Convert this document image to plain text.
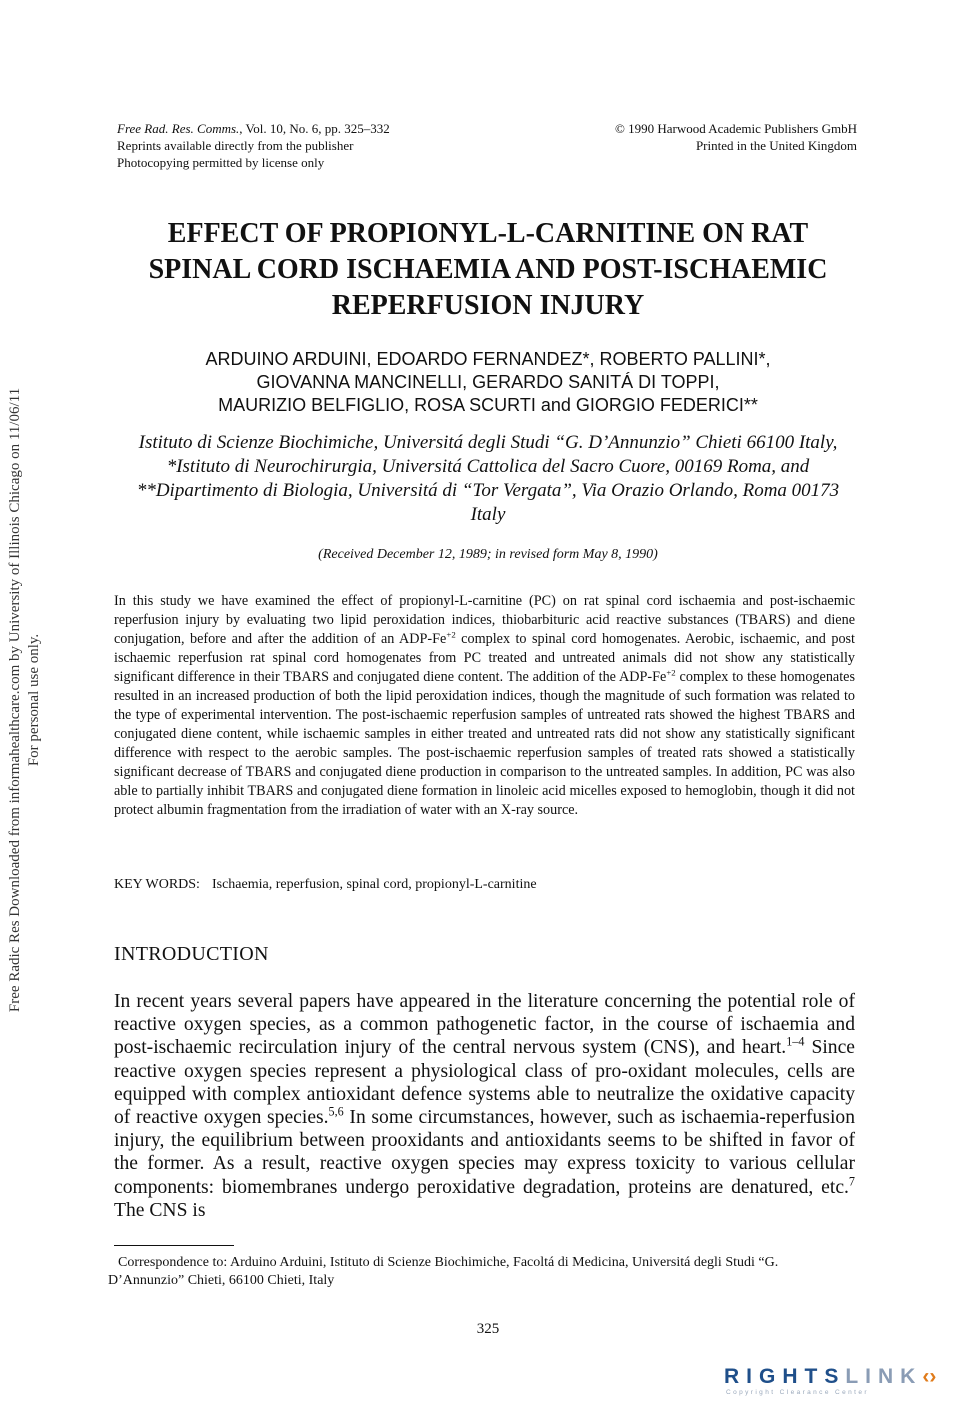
Free Radic Res Downloaded from informahealthcare.com by University of Illinois Chicago on 11/06/11 For personal use only.
Free Rad. Res. Comms., Vol. 10, No. 6, pp. 325–332
Reprints available directly from the publisher
Photocopying permitted by license only
© 1990 Harwood Academic Publishers GmbH
Printed in the United Kingdom
EFFECT OF PROPIONYL-L-CARNITINE ON RAT
SPINAL CORD ISCHAEMIA AND POST-ISCHAEMIC
REPERFUSION INJURY
ARDUINO ARDUINI, EDOARDO FERNANDEZ*, ROBERTO PALLINI*,
GIOVANNA MANCINELLI, GERARDO SANITÁ DI TOPPI,
MAURIZIO BELFIGLIO, ROSA SCURTI and GIORGIO FEDERICI**
Istituto di Scienze Biochimiche, Universitá degli Studi “G. D’Annunzio” Chieti 66100 Italy, *Istituto di Neurochirurgia, Universitá Cattolica del Sacro Cuore, 00169 Roma, and **Dipartimento di Biologia, Universitá di “Tor Vergata”, Via Orazio Orlando, Roma 00173 Italy
(Received December 12, 1989; in revised form May 8, 1990)
In this study we have examined the effect of propionyl-L-carnitine (PC) on rat spinal cord ischaemia and post-ischaemic reperfusion injury by evaluating two lipid peroxidation indices, thiobarbituric acid reactive substances (TBARS) and diene conjugation, before and after the addition of an ADP-$Fe^{+2}$ complex to spinal cord homogenates. Aerobic, ischaemic, and post ischaemic reperfusion rat spinal cord homogenates from PC treated and untreated animals did not show any statistically significant difference in their TBARS and conjugated diene content. The addition of the ADP-$Fe^{+2}$ complex to these homogenates resulted in an increased production of both the lipid peroxidation indices, though the magnitude of such formation was related to the type of experimental intervention. The post-ischaemic reperfusion samples of untreated rats showed the highest TBARS and conjugated diene content, while ischaemic samples in either treated and untreated rats did not show any statistically significant difference with respect to the aerobic samples. The post-ischaemic reperfusion samples of treated rats showed a statistically significant decrease of TBARS and conjugated diene production in comparison to the untreated samples. In addition, PC was also able to partially inhibit TBARS and conjugated diene formation in linoleic acid micelles exposed to hemoglobin, though it did not protect albumin fragmentation from the irradiation of water with an X-ray source.
KEY WORDS: Ischaemia, reperfusion, spinal cord, propionyl-L-carnitine
INTRODUCTION
In recent years several papers have appeared in the literature concerning the potential role of reactive oxygen species, as a common pathogenetic factor, in the course of ischaemia and post-ischaemic recirculation injury of the central nervous system (CNS), and heart.$^{1-4}$ Since reactive oxygen species represent a physiological class of pro-oxidant molecules, cells are equipped with complex antioxidant defence systems able to neutralize the oxidative capacity of reactive oxygen species.$^{5,6}$ In some circumstances, however, such as ischaemia-reperfusion injury, the equilibrium between prooxidants and antioxidants seems to be shifted in favor of the former. As a result, reactive oxygen species may express toxicity to various cellular components: biomembranes undergo peroxidative degradation, proteins are denatured, etc.$^7$ The CNS is
Correspondence to: Arduino Arduini, Istituto di Scienze Biochimiche, Facoltá di Medicina, Universitá degli Studi “G. D’Annunzio” Chieti, 66100 Chieti, Italy
325
RIGHTSLINK‹›
Copyright Clearance Center
